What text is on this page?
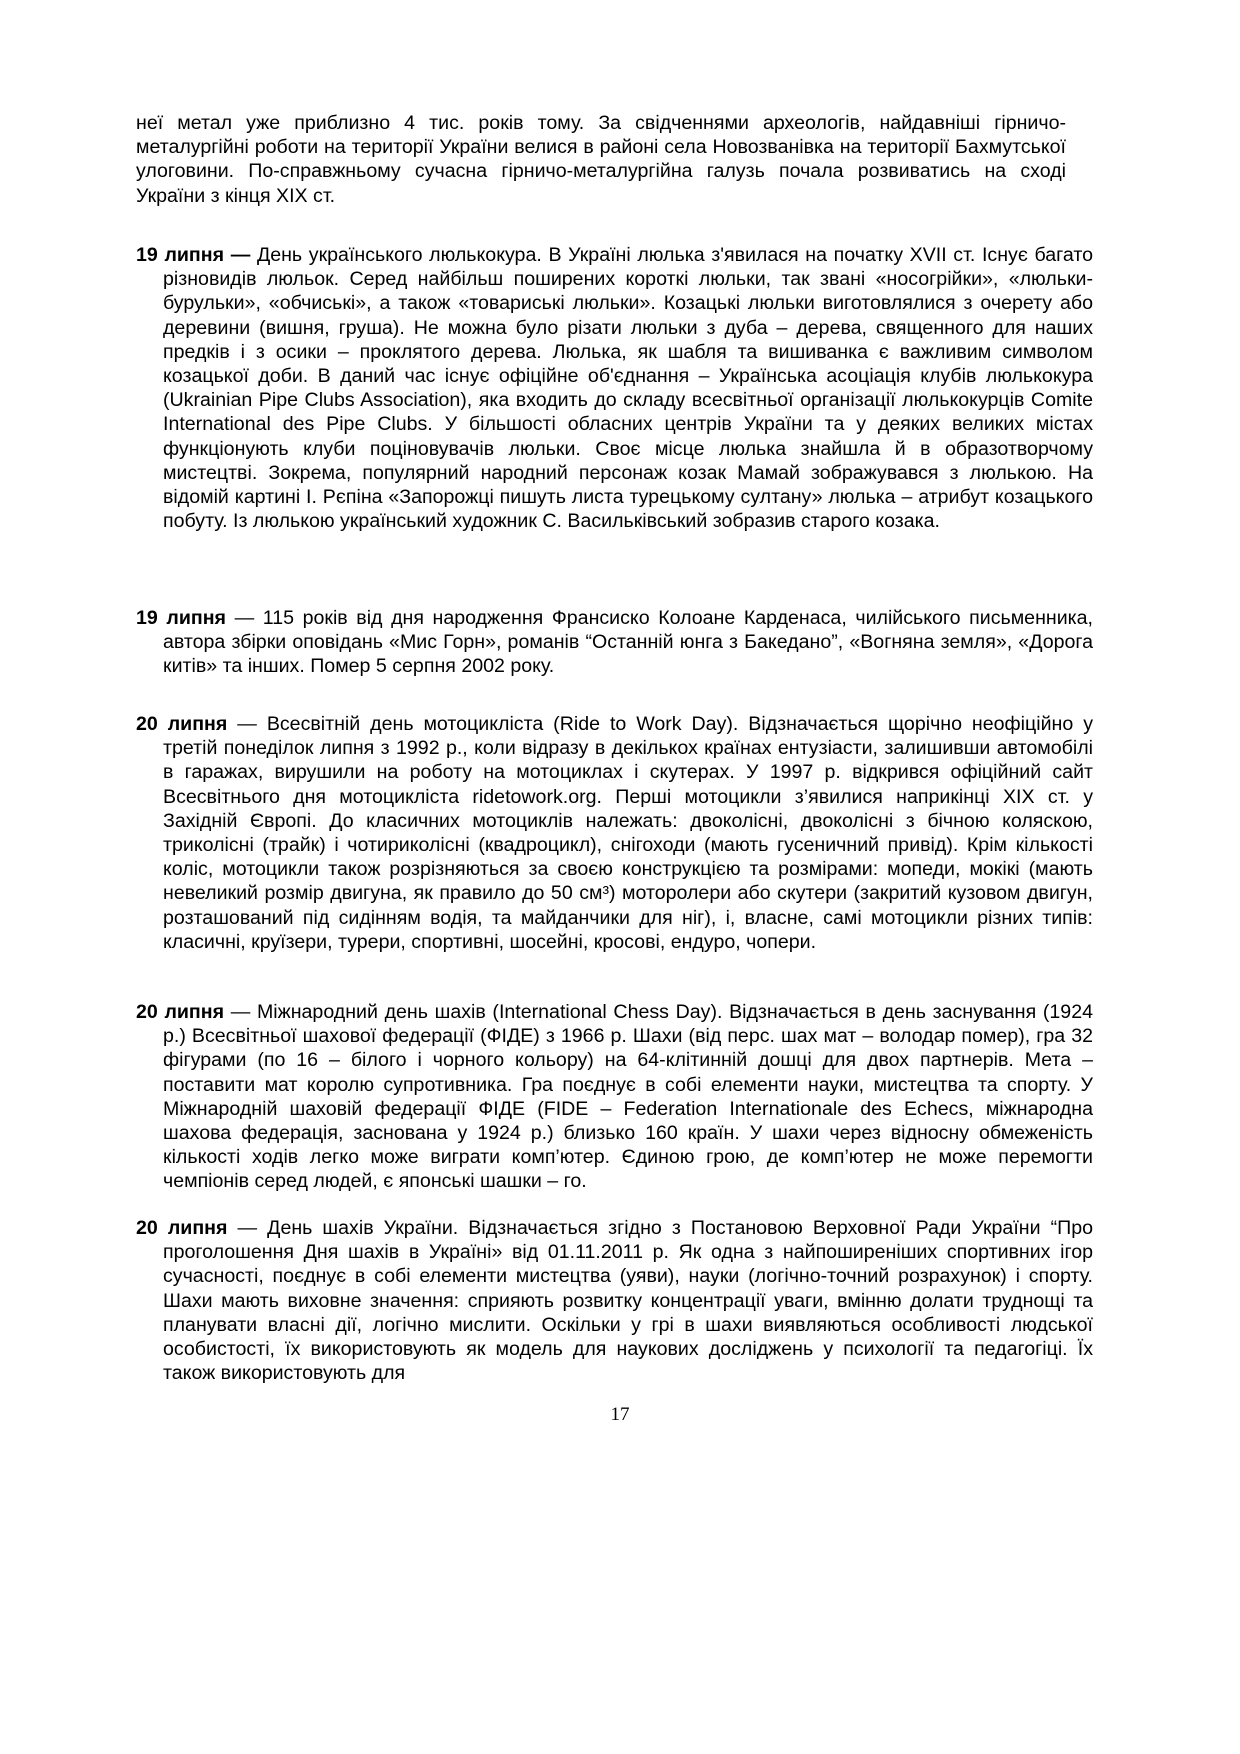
неї метал уже приблизно 4 тис. років тому. За свідченнями археологів, найдавніші гірничо-металургійні роботи на території України велися в районі села Новозванівка на території Бахмутської улоговини. По-справжньому сучасна гірничо-металургійна галузь почала розвиватись на сході України з кінця ХІХ ст.

19 липня — День українського люлькокура. В Україні люлька з'явилася на початку XVII ст. Існує багато різновидів люльок. Серед найбільш поширених короткі люльки, так звані «носогрійки», «люльки-бурульки», «обчиські», а також «товариські люльки». Козацькі люльки виготовлялися з очерету або деревини (вишня, груша). Не можна було різати люльки з дуба – дерева, священного для наших предків і з осики – проклятого дерева. Люлька, як шабля та вишиванка є важливим символом козацької доби. В даний час існує офіційне об'єднання – Українська асоціація клубів люлькокура (Ukrainian Pipe Clubs Association), яка входить до складу всесвітньої організації люлькокурців Comite International des Pipe Clubs. У більшості обласних центрів України та у деяких великих містах функціонують клуби поціновувачів люльки. Своє місце люлька знайшла й в образотворчому мистецтві. Зокрема, популярний народний персонаж козак Мамай зображувався з люлькою. На відомій картині І. Рєпіна «Запорожці пишуть листа турецькому султану» люлька – атрибут козацького побуту. Із люлькою український художник С. Васильківський зобразив старого козака.

19 липня — 115 років від дня народження Франсиско Колоане Карденаса, чилійського письменника, автора збірки оповідань «Мис Горн», романів “Останній юнга з Бакедано”, «Вогняна земля», «Дорога китів» та інших. Помер 5 серпня 2002 року.

20 липня — Всесвітній день мотоцикліста (Ride to Work Day). Відзначається щорічно неофіційно у третій понеділок липня з 1992 р., коли відразу в декількох країнах ентузіасти, залишивши автомобілі в гаражах, вирушили на роботу на мотоциклах і скутерах. У 1997 р. відкрився офіційний сайт Всесвітнього дня мотоцикліста ridetowork.org. Перші мотоцикли з’явилися наприкінці ХІХ ст. у Західній Європі. До класичних мотоциклів належать: двоколісні, двоколісні з бічною коляскою, триколісні (трайк) і чотириколісні (квадроцикл), снігоходи (мають гусеничний привід). Крім кількості коліс, мотоцикли також розрізняються за своєю конструкцією та розмірами: мопеди, мокікі (мають невеликий розмір двигуна, як правило до 50 см³) моторолери або скутери (закритий кузовом двигун, розташований під сидінням водія, та майданчики для ніг), і, власне, самі мотоцикли різних типів: класичні, круїзери, турери, спортивні, шосейні, кросові, ендуро, чопери.

20 липня — Міжнародний день шахів (International Chess Day). Відзначається в день заснування (1924 р.) Всесвітньої шахової федерації (ФІДЕ) з 1966 р. Шахи (від перс. шах мат – володар помер), гра 32 фігурами (по 16 – білого і чорного кольору) на 64-клітинній дошці для двох партнерів. Мета – поставити мат королю супротивника. Гра поєднує в собі елементи науки, мистецтва та спорту. У Міжнародній шаховій федерації ФІДЕ (FIDE – Federation Internationale des Echecs, міжнародна шахова федерація, заснована у 1924 р.) близько 160 країн. У шахи через відносну обмеженість кількості ходів легко може виграти комп’ютер. Єдиною грою, де комп’ютер не може перемогти чемпіонів серед людей, є японські шашки – го.

20 липня — День шахів України. Відзначається згідно з Постановою Верховної Ради України “Про проголошення Дня шахів в Україні» від 01.11.2011 р. Як одна з найпоширеніших спортивних ігор сучасності, поєднує в собі елементи мистецтва (уяви), науки (логічно-точний розрахунок) і спорту. Шахи мають виховне значення: сприяють розвитку концентрації уваги, вмінню долати труднощі та планувати власні дії, логічно мислити. Оскільки у грі в шахи виявляються особливості людської особистості, їх використовують як модель для наукових досліджень у психології та педагогіці. Їх також використовують для

17
